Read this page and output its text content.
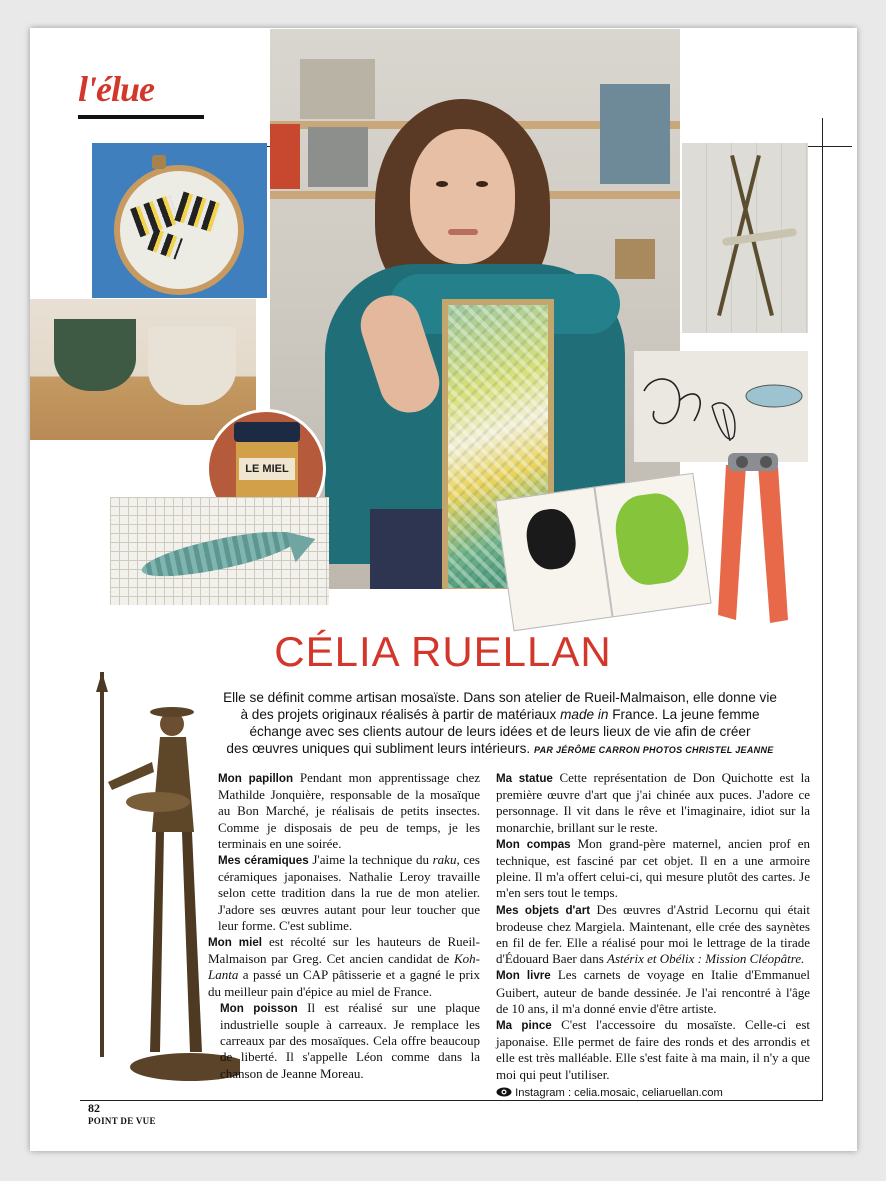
l'élue
LE MIEL
CÉLIA RUELLAN
Elle se définit comme artisan mosaïste. Dans son atelier de Rueil-Malmaison, elle donne vie
à des projets originaux réalisés à partir de matériaux made in France. La jeune femme
échange avec ses clients autour de leurs idées et de leurs lieux de vie afin de créer
des œuvres uniques qui subliment leurs intérieurs. PAR JÉRÔME CARRON PHOTOS CHRISTEL JEANNE

Mon papillon Pendant mon apprentissage chez Mathilde Jonquière, responsable de la mosaïque au Bon Marché, je réalisais de petits insectes. Comme je disposais de peu de temps, je les terminais en une soirée.

Mes céramiques J'aime la technique du raku, ces céramiques japonaises. Nathalie Leroy travaille selon cette tradition dans la rue de mon atelier. J'adore ses œuvres autant pour leur toucher que leur forme. C'est sublime.

Mon miel est récolté sur les hauteurs de Rueil-Malmaison par Greg. Cet ancien candidat de Koh-Lanta a passé un CAP pâtisserie et a gagné le prix du meilleur pain d'épice au miel de France.

Mon poisson Il est réalisé sur une plaque industrielle souple à carreaux. Je remplace les carreaux par des mosaïques. Cela offre beaucoup de liberté. Il s'appelle Léon comme dans la chanson de Jeanne Moreau.

Ma statue Cette représentation de Don Quichotte est la première œuvre d'art que j'ai chinée aux puces. J'adore ce personnage. Il vit dans le rêve et l'imaginaire, idiot sur la monarchie, brillant sur le reste.

Mon compas Mon grand-père maternel, ancien prof en technique, est fasciné par cet objet. Il en a une armoire pleine. Il m'a offert celui-ci, qui mesure plutôt des cartes. Je m'en sers tout le temps.

Mes objets d'art Des œuvres d'Astrid Lecornu qui était brodeuse chez Margiela. Maintenant, elle crée des saynètes en fil de fer. Elle a réalisé pour moi le lettrage de la tirade d'Édouard Baer dans Astérix et Obélix : Mission Cléopâtre.

Mon livre Les carnets de voyage en Italie d'Emmanuel Guibert, auteur de bande dessinée. Je l'ai rencontré à l'âge de 10 ans, il m'a donné envie d'être artiste.

Ma pince C'est l'accessoire du mosaïste. Celle-ci est japonaise. Elle permet de faire des ronds et des arrondis et elle est très malléable. Elle s'est faite à ma main, il n'y a que moi qui peut l'utiliser.

Instagram : celia.mosaic, celiaruellan.com

82
POINT DE VUE
